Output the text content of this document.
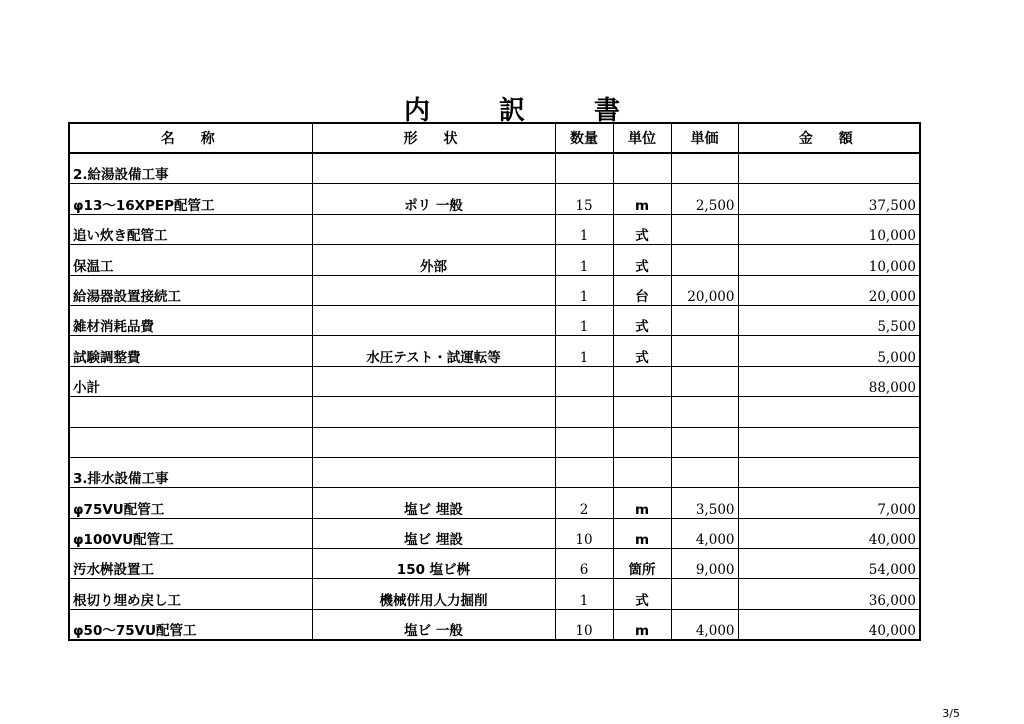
内 訳 書
名　称	形　状	数量	単位	単価	金　額
2.給湯設備工事					
φ13～16XPEP配管工	ポリ 一般	15	m	2,500	37,500
追い炊き配管工		1	式		10,000
保温工	外部	1	式		10,000
給湯器設置接続工		1	台	20,000	20,000
雑材消耗品費		1	式		5,500
試験調整費	水圧テスト・試運転等	1	式		5,000
小計					88,000

3.排水設備工事					
φ75VU配管工	塩ビ 埋設	2	m	3,500	7,000
φ100VU配管工	塩ビ 埋設	10	m	4,000	40,000
汚水桝設置工	150 塩ビ桝	6	箇所	9,000	54,000
根切り埋め戻し工	機械併用人力掘削	1	式		36,000
φ50～75VU配管工	塩ビ 一般	10	m	4,000	40,000
3/5
